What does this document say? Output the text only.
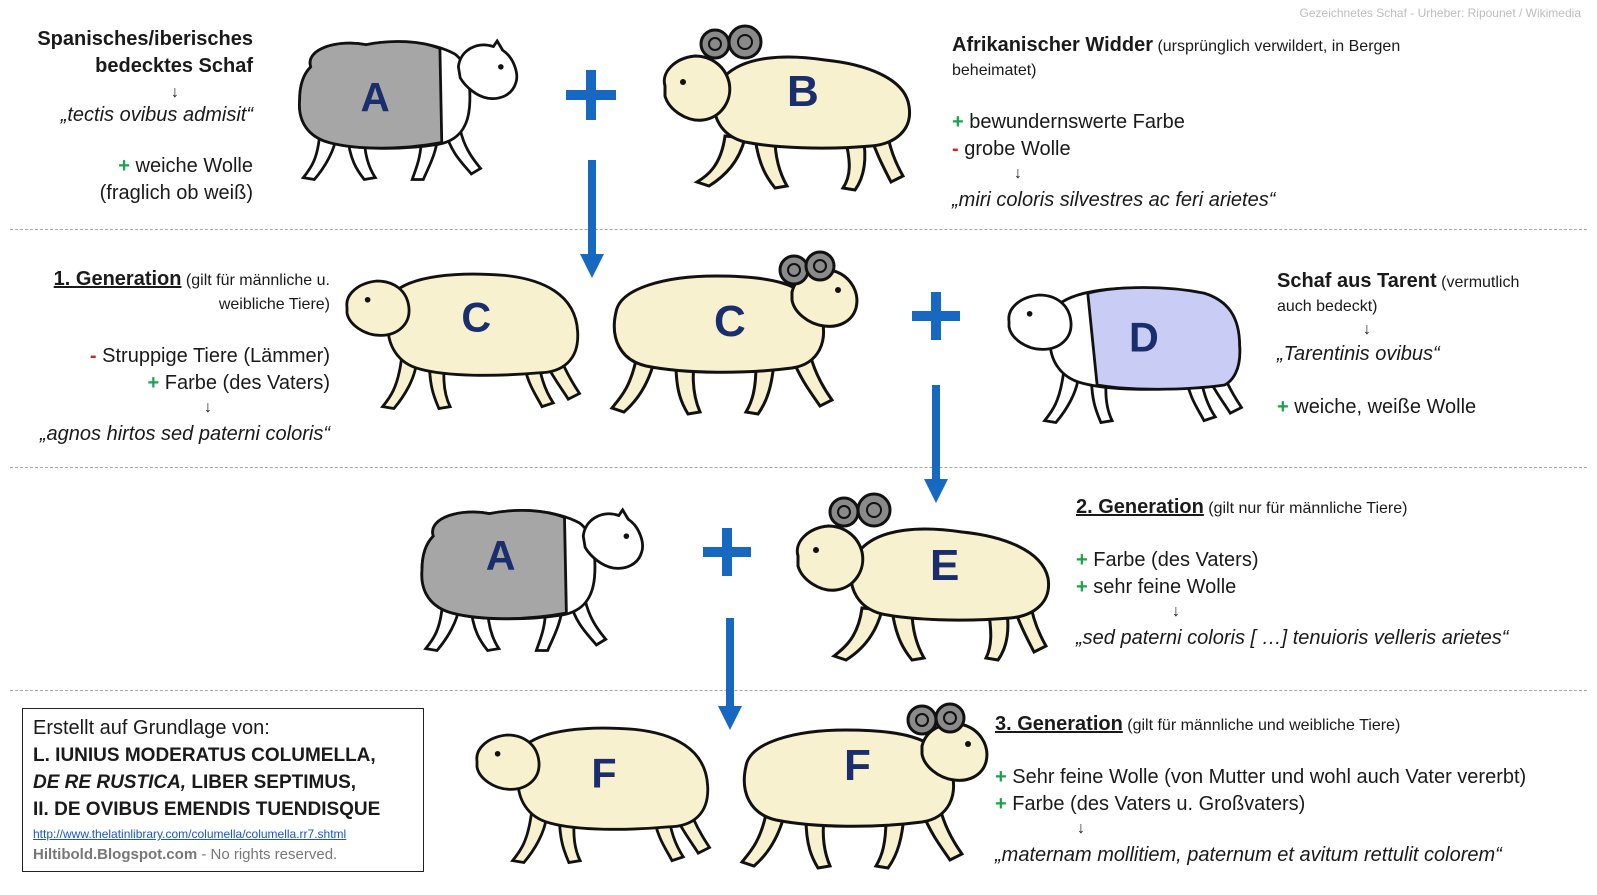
Gezeichnetes Schaf - Urheber: Ripounet / Wikimedia
Spanisches/iberisches
bedecktes Schaf
↓
„tectis ovibus admisit“
+ weiche Wolle
(fraglich ob weiß)
A	B
Afrikanischer Widder (ursprünglich verwildert, in Bergen
beheimatet)
+ bewundernswerte Farbe
- grobe Wolle
↓
„miri coloris silvestres ac feri arietes“
1. Generation (gilt für männliche u.
weibliche Tiere)
- Struppige Tiere (Lämmer)
+ Farbe (des Vaters)
↓
„agnos hirtos sed paterni coloris“
C	C	D
Schaf aus Tarent (vermutlich
auch bedeckt)
↓
„Tarentinis ovibus“
+ weiche, weiße Wolle
A	E
2. Generation (gilt nur für männliche Tiere)
+ Farbe (des Vaters)
+ sehr feine Wolle
↓
„sed paterni coloris [ …] tenuioris velleris arietes“
Erstellt auf Grundlage von:
L. IUNIUS MODERATUS COLUMELLA,
DE RE RUSTICA, LIBER SEPTIMUS,
II. DE OVIBUS EMENDIS TUENDISQUE
http://www.thelatinlibrary.com/columella/columella.rr7.shtml
Hiltibold.Blogspot.com - No rights reserved.
F	F
3. Generation (gilt für männliche und weibliche Tiere)
+ Sehr feine Wolle (von Mutter und wohl auch Vater vererbt)
+ Farbe (des Vaters u. Großvaters)
↓
„maternam mollitiem, paternum et avitum rettulit colorem“
